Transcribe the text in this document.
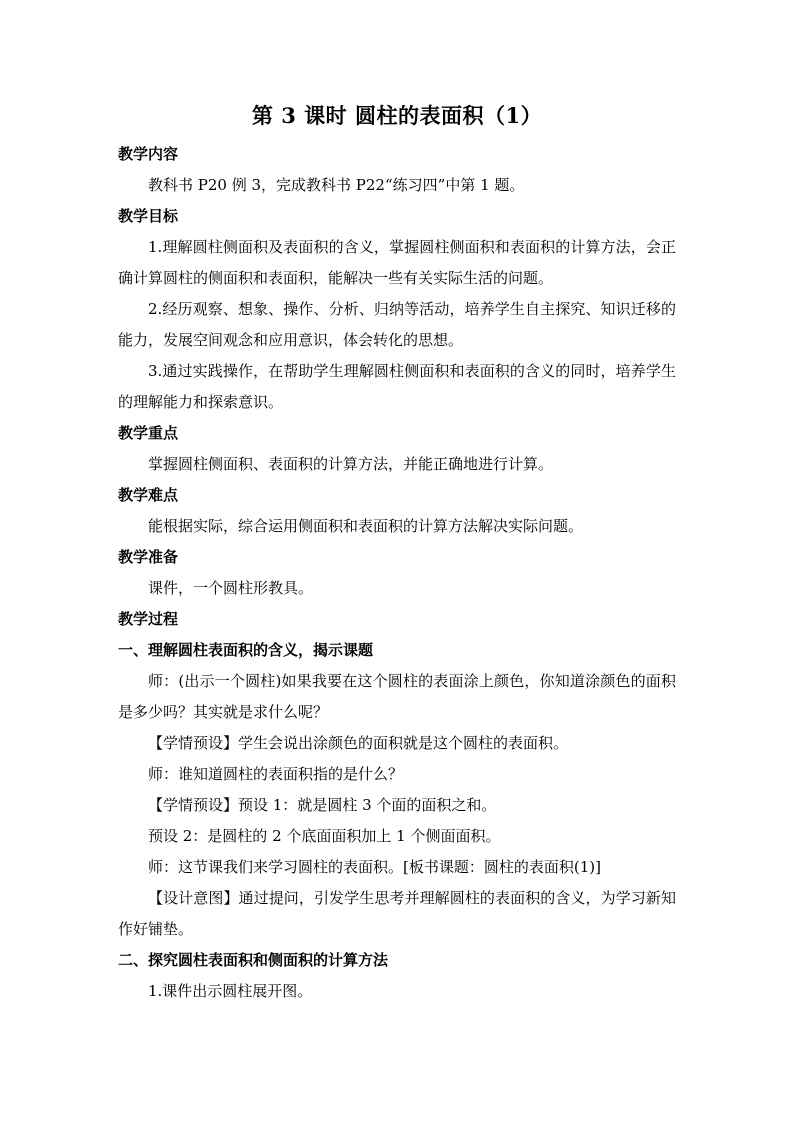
第 3 课时 圆柱的表面积（1）

教学内容

教科书 P20 例 3，完成教科书 P22“练习四”中第 1 题。

教学目标

1.理解圆柱侧面积及表面积的含义，掌握圆柱侧面积和表面积的计算方法，会正确计算圆柱的侧面积和表面积，能解决一些有关实际生活的问题。

2.经历观察、想象、操作、分析、归纳等活动，培养学生自主探究、知识迁移的能力，发展空间观念和应用意识，体会转化的思想。

3.通过实践操作，在帮助学生理解圆柱侧面积和表面积的含义的同时，培养学生的理解能力和探索意识。

教学重点

掌握圆柱侧面积、表面积的计算方法，并能正确地进行计算。

教学难点

能根据实际，综合运用侧面积和表面积的计算方法解决实际问题。

教学准备

课件，一个圆柱形教具。

教学过程

一、理解圆柱表面积的含义，揭示课题

师：(出示一个圆柱)如果我要在这个圆柱的表面涂上颜色，你知道涂颜色的面积是多少吗？其实就是求什么呢？

【学情预设】学生会说出涂颜色的面积就是这个圆柱的表面积。

师：谁知道圆柱的表面积指的是什么？

【学情预设】预设 1：就是圆柱 3 个面的面积之和。

预设 2：是圆柱的 2 个底面面积加上 1 个侧面面积。

师：这节课我们来学习圆柱的表面积。[板书课题：圆柱的表面积(1)]

【设计意图】通过提问，引发学生思考并理解圆柱的表面积的含义，为学习新知作好铺垫。

二、探究圆柱表面积和侧面积的计算方法

1.课件出示圆柱展开图。
